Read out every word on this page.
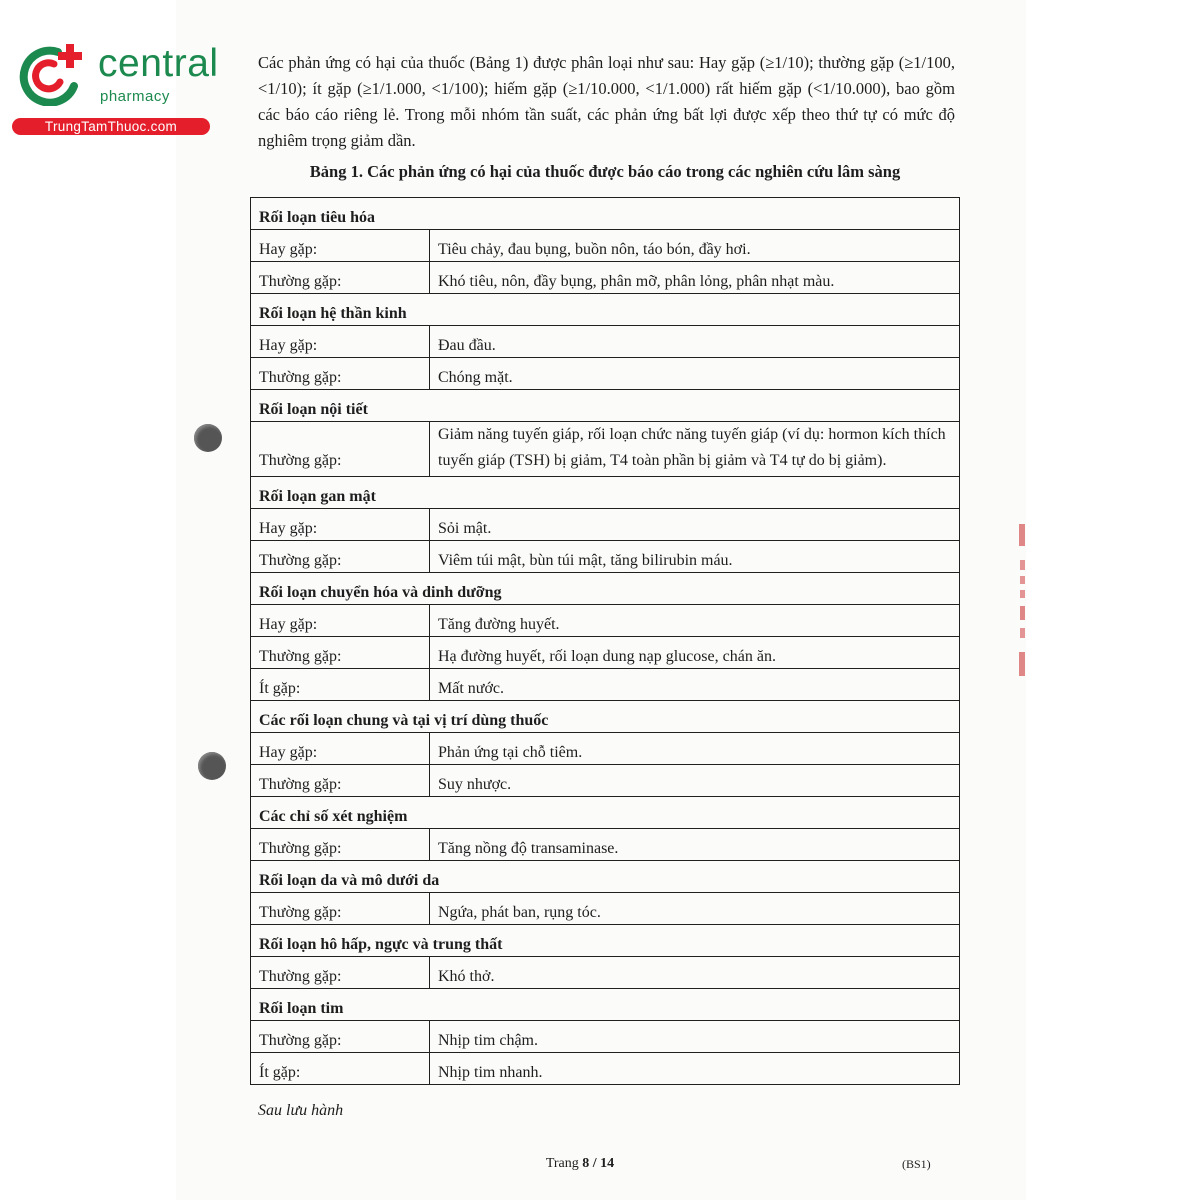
central
pharmacy
TrungTamThuoc.com
Các phản ứng có hại của thuốc (Bảng 1) được phân loại như sau: Hay gặp (≥1/10); thường gặp (≥1/100, <1/10); ít gặp (≥1/1.000, <1/100); hiếm gặp (≥1/10.000, <1/1.000) rất hiếm gặp (<1/10.000), bao gồm các báo cáo riêng lẻ. Trong mỗi nhóm tần suất, các phản ứng bất lợi được xếp theo thứ tự có mức độ nghiêm trọng giảm dần.
Bảng 1. Các phản ứng có hại của thuốc được báo cáo trong các nghiên cứu lâm sàng
Rối loạn tiêu hóa	
Hay gặp:	Tiêu chảy, đau bụng, buồn nôn, táo bón, đầy hơi.
Thường gặp:	Khó tiêu, nôn, đầy bụng, phân mỡ, phân lỏng, phân nhạt màu.
Rối loạn hệ thần kinh	
Hay gặp:	Đau đầu.
Thường gặp:	Chóng mặt.
Rối loạn nội tiết	
Thường gặp:	Giảm năng tuyến giáp, rối loạn chức năng tuyến giáp (ví dụ: hormon kích thích tuyến giáp (TSH) bị giảm, T4 toàn phần bị giảm và T4 tự do bị giảm).
Rối loạn gan mật	
Hay gặp:	Sỏi mật.
Thường gặp:	Viêm túi mật, bùn túi mật, tăng bilirubin máu.
Rối loạn chuyển hóa và dinh dưỡng	
Hay gặp:	Tăng đường huyết.
Thường gặp:	Hạ đường huyết, rối loạn dung nạp glucose, chán ăn.
Ít gặp:	Mất nước.
Các rối loạn chung và tại vị trí dùng thuốc	
Hay gặp:	Phản ứng tại chỗ tiêm.
Thường gặp:	Suy nhược.
Các chỉ số xét nghiệm	
Thường gặp:	Tăng nồng độ transaminase.
Rối loạn da và mô dưới da	
Thường gặp:	Ngứa, phát ban, rụng tóc.
Rối loạn hô hấp, ngực và trung thất	
Thường gặp:	Khó thở.
Rối loạn tim	
Thường gặp:	Nhịp tim chậm.
Ít gặp:	Nhịp tim nhanh.
Sau lưu hành
Trang 8 / 14	(BS1)
